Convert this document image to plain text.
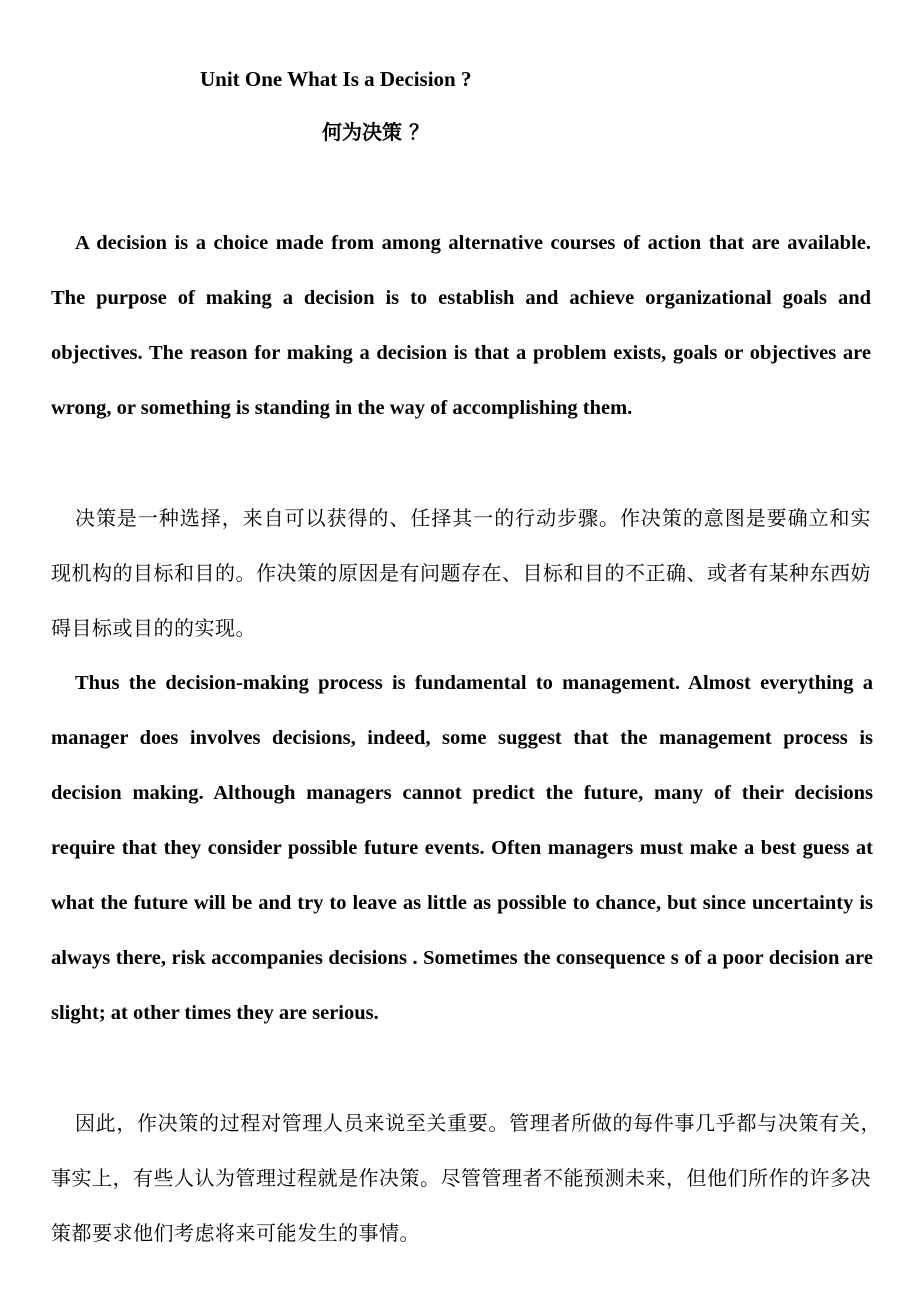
Unit One What Is a Decision ?
何为决策 ？

A decision is a choice made from among alternative courses of action that are available. The purpose of making a decision is to establish and achieve organizational goals and objectives. The reason for making a decision is that a problem exists, goals or objectives are wrong, or something is standing in the way of accomplishing them.

决策是一种选择，来自可以获得的、任择其一的行动步骤。作决策的意图是要确立和实现机构的目标和目的。作决策的原因是有问题存在、目标和目的不正确、或者有某种东西妨碍目标或目的的实现。

Thus the decision-making process is fundamental to management. Almost everything a manager does involves decisions, indeed, some suggest that the management process is decision making. Although managers cannot predict the future, many of their decisions require that they consider possible future events. Often managers must make a best guess at what the future will be and try to leave as little as possible to chance, but since uncertainty is always there, risk accompanies decisions . Sometimes the consequence s of a poor decision are slight; at other times they are serious.

因此，作决策的过程对管理人员来说至关重要。管理者所做的每件事几乎都与决策有关，　　事实上，有些人认为管理过程就是作决策。尽管管理者不能预测未来，但他们所作的许多决策都要求他们考虑将来可能发生的事情。
